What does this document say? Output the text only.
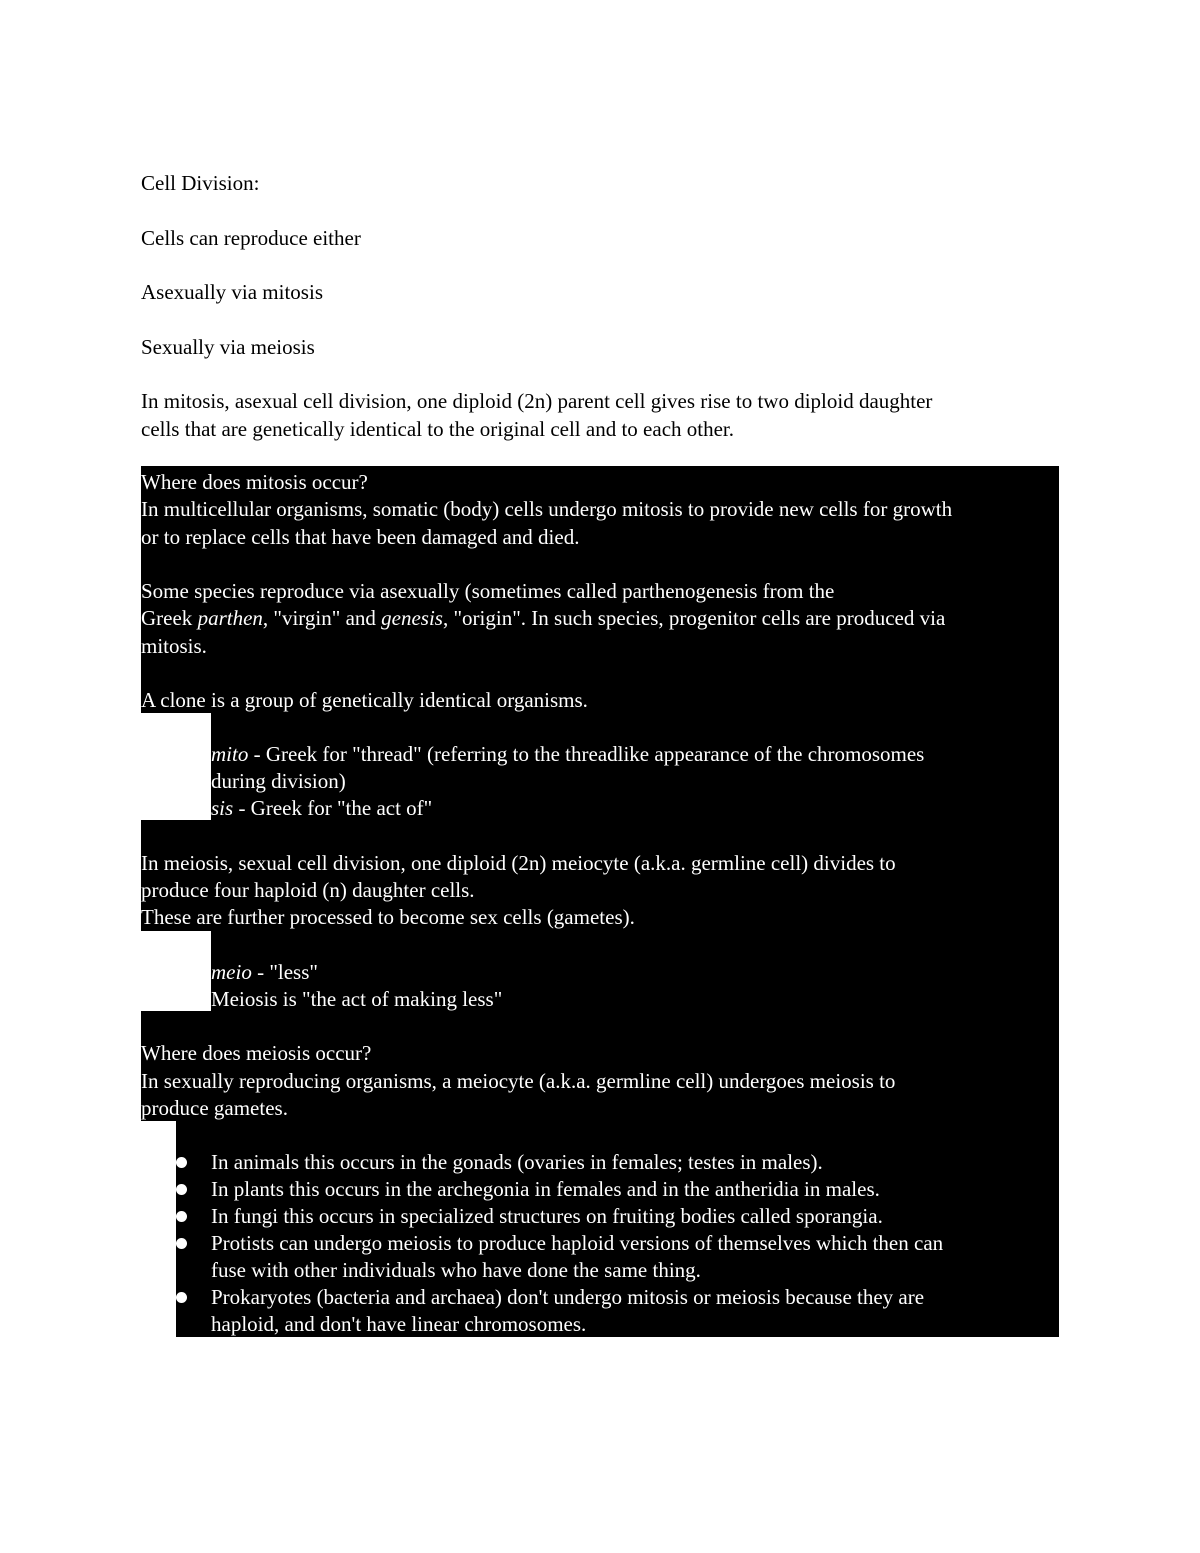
Cell Division:

Cells can reproduce either

Asexually via mitosis

Sexually via meiosis

In mitosis, asexual cell division, one diploid (2n) parent cell gives rise to two diploid daughter

cells that are genetically identical to the original cell and to each other.

Where does mitosis occur?

In multicellular organisms, somatic (body) cells undergo mitosis to provide new cells for growth

or to replace cells that have been damaged and died.

Some species reproduce via asexually (sometimes called parthenogenesis from the

Greek parthen, "virgin" and genesis, "origin". In such species, progenitor cells are produced via

mitosis.

A clone is a group of genetically identical organisms.

mito - Greek for "thread" (referring to the threadlike appearance of the chromosomes

during division)

sis - Greek for "the act of"

In meiosis, sexual cell division, one diploid (2n) meiocyte (a.k.a. germline cell) divides to

produce four haploid (n) daughter cells.

These are further processed to become sex cells (gametes).

meio - "less"

Meiosis is "the act of making less"

Where does meiosis occur?

In sexually reproducing organisms, a meiocyte (a.k.a. germline cell) undergoes meiosis to

produce gametes.

In animals this occurs in the gonads (ovaries in females; testes in males).

In plants this occurs in the archegonia in females and in the antheridia in males.

In fungi this occurs in specialized structures on fruiting bodies called sporangia.

Protists can undergo meiosis to produce haploid versions of themselves which then can

fuse with other individuals who have done the same thing.

Prokaryotes (bacteria and archaea) don't undergo mitosis or meiosis because they are

haploid, and don't have linear chromosomes.
